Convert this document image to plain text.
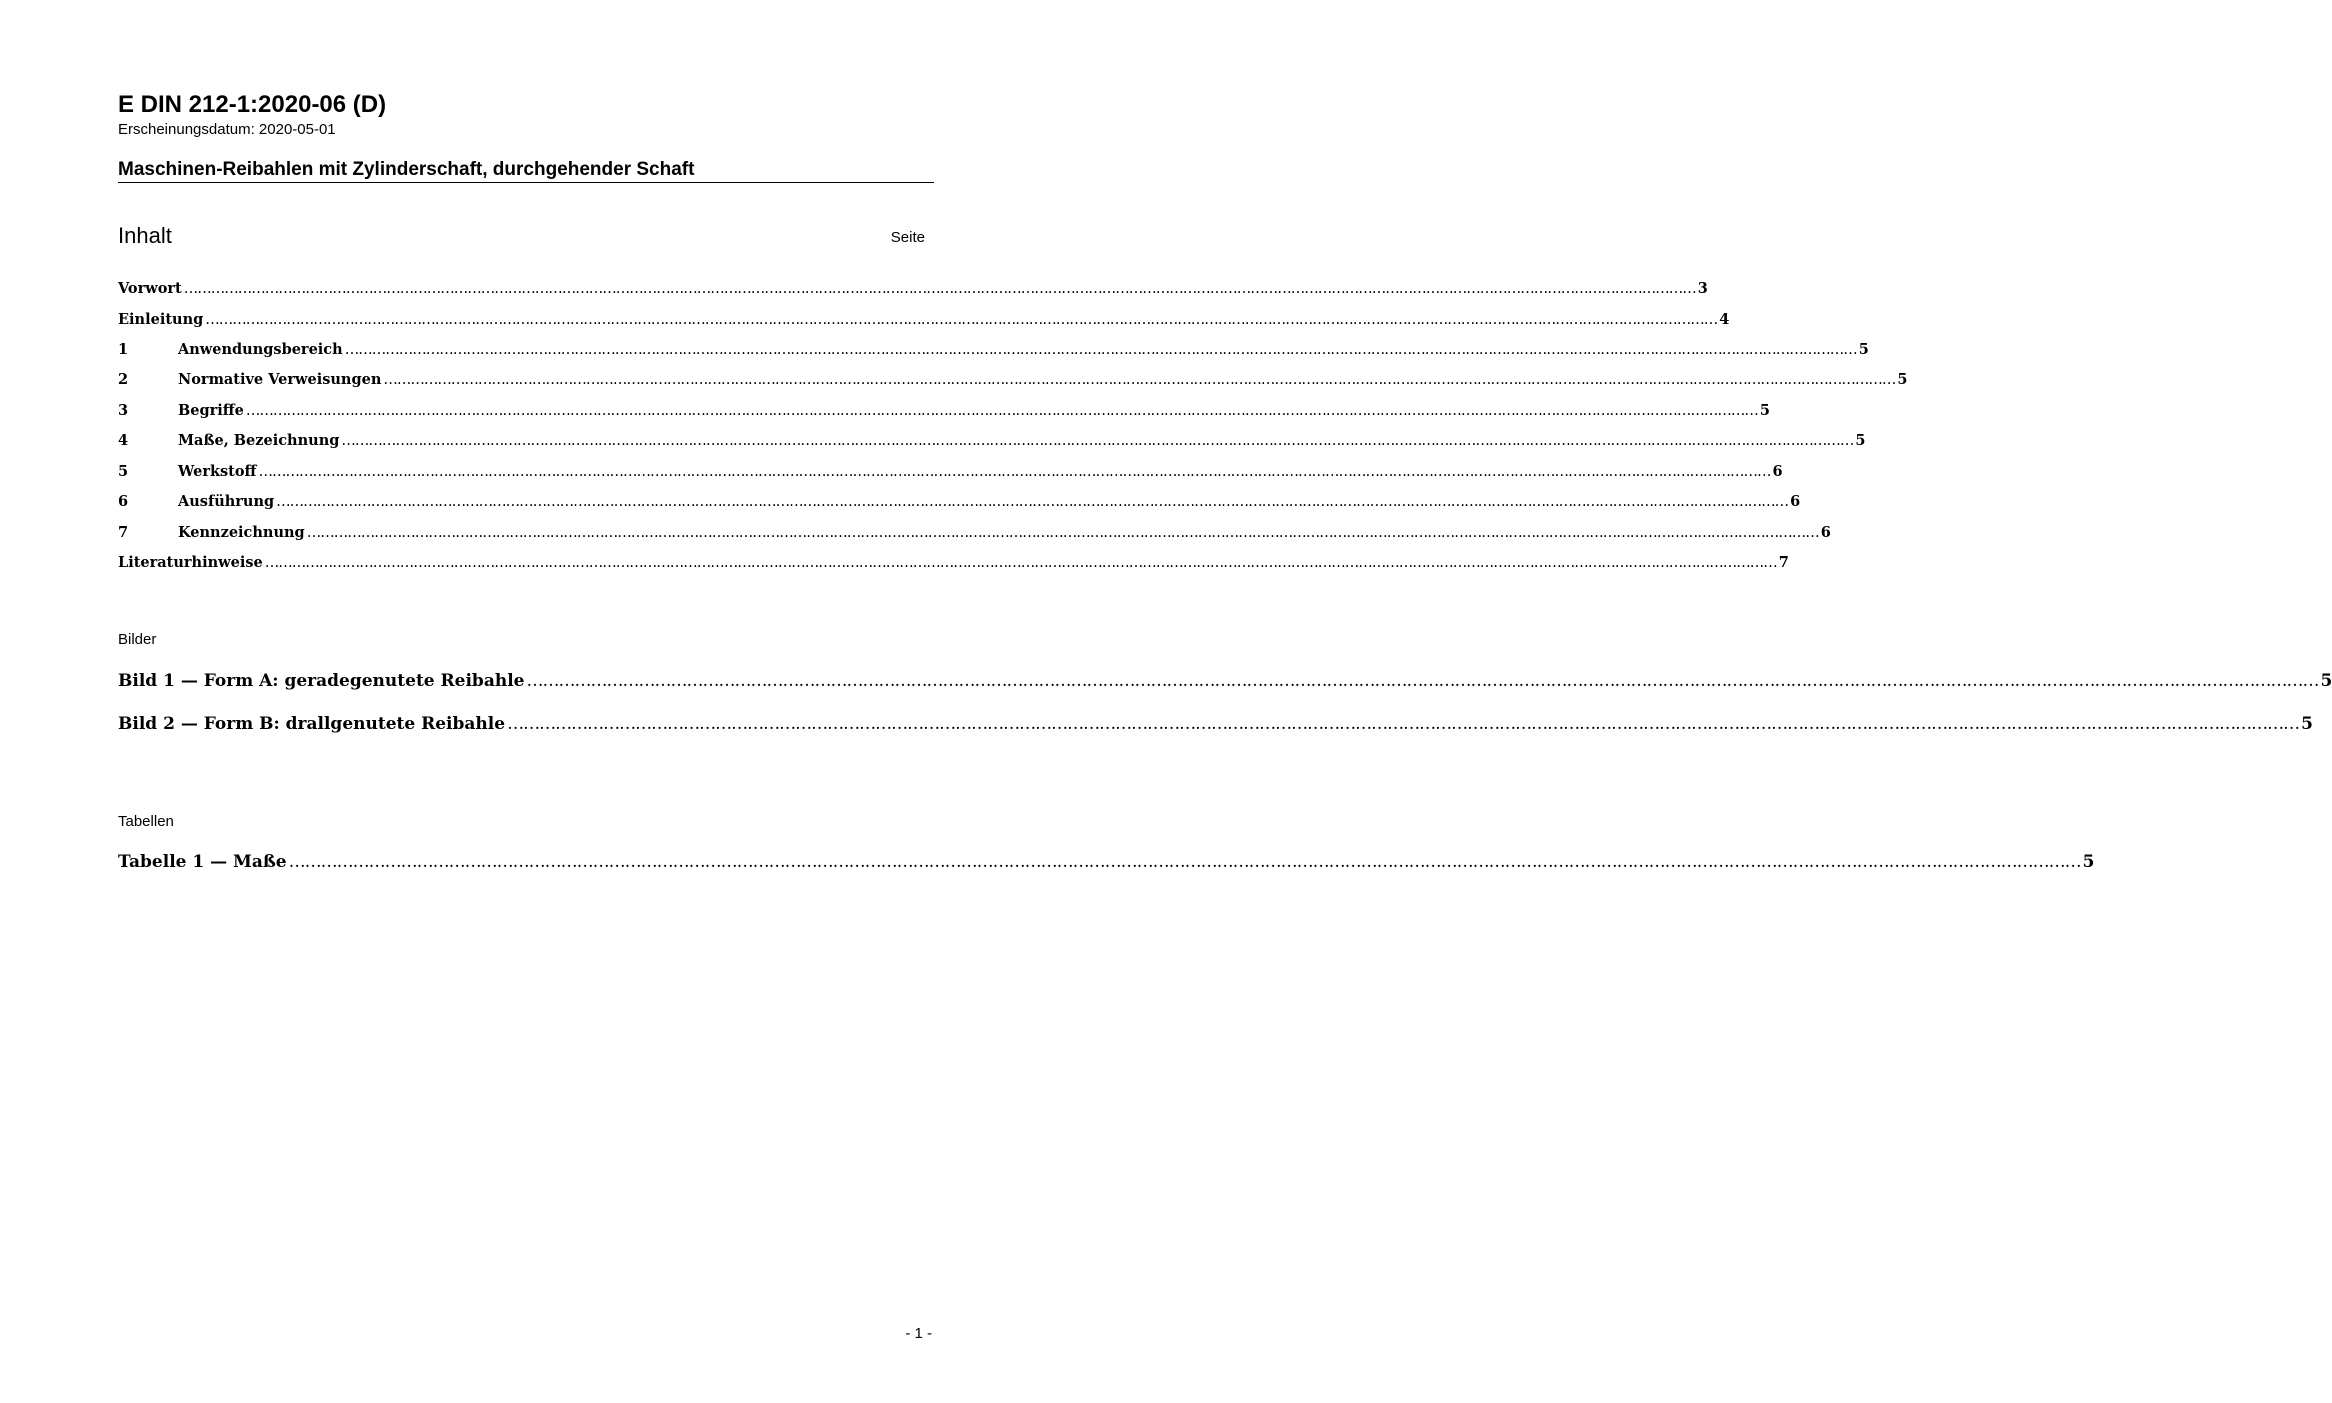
E DIN 212-1:2020-06 (D)
Erscheinungsdatum: 2020-05-01
Maschinen-Reibahlen mit Zylinderschaft, durchgehender Schaft
Inhalt	Seite
Vorwort ………………………………………………………………………………………………………………………………………………………………………………………………………………………………………………………………………………………………………… 3
Einleitung ………………………………………………………………………………………………………………………………………………………………………………………………………………………………………………………………………………………………………… 4
1	Anwendungsbereich ………………………………………………………………………………………………………………………………………………………………………………………………………………………………………………………………………………………………………… 5
2	Normative Verweisungen ………………………………………………………………………………………………………………………………………………………………………………………………………………………………………………………………………………………………………… 5
3	Begriffe ………………………………………………………………………………………………………………………………………………………………………………………………………………………………………………………………………………………………………… 5
4	Maße, Bezeichnung ………………………………………………………………………………………………………………………………………………………………………………………………………………………………………………………………………………………………………… 5
5	Werkstoff ………………………………………………………………………………………………………………………………………………………………………………………………………………………………………………………………………………………………………… 6
6	Ausführung ………………………………………………………………………………………………………………………………………………………………………………………………………………………………………………………………………………………………………… 6
7	Kennzeichnung ………………………………………………………………………………………………………………………………………………………………………………………………………………………………………………………………………………………………………… 6
Literaturhinweise ………………………………………………………………………………………………………………………………………………………………………………………………………………………………………………………………………………………………………… 7
Bilder
Bild 1 — Form A: geradegenutete Reibahle ………………………………………………………………………………………………………………………………………………………………………………………………………………………………………………………………………………………………………… 5
Bild 2 — Form B: drallgenutete Reibahle ………………………………………………………………………………………………………………………………………………………………………………………………………………………………………………………………………………………………………… 5
Tabellen
Tabelle 1 — Maße ………………………………………………………………………………………………………………………………………………………………………………………………………………………………………………………………………………………………………… 5
- 1 -
